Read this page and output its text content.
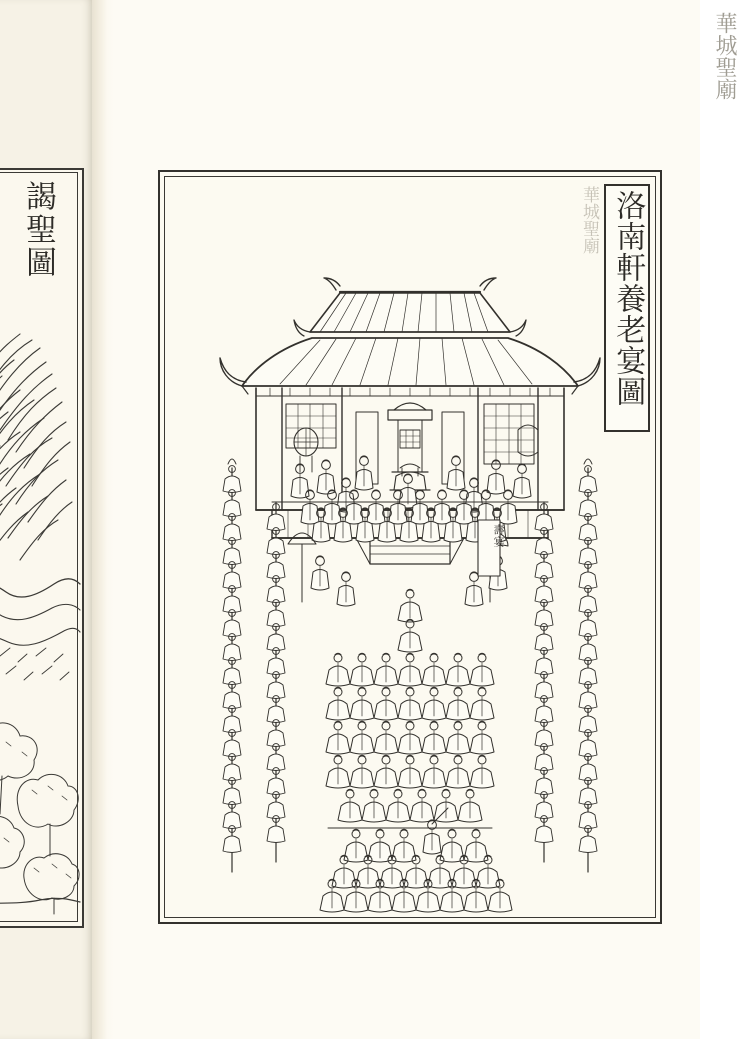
謁聖圖
華城聖廟
華城聖廟 洛南軒養老宴圖
壽宴
